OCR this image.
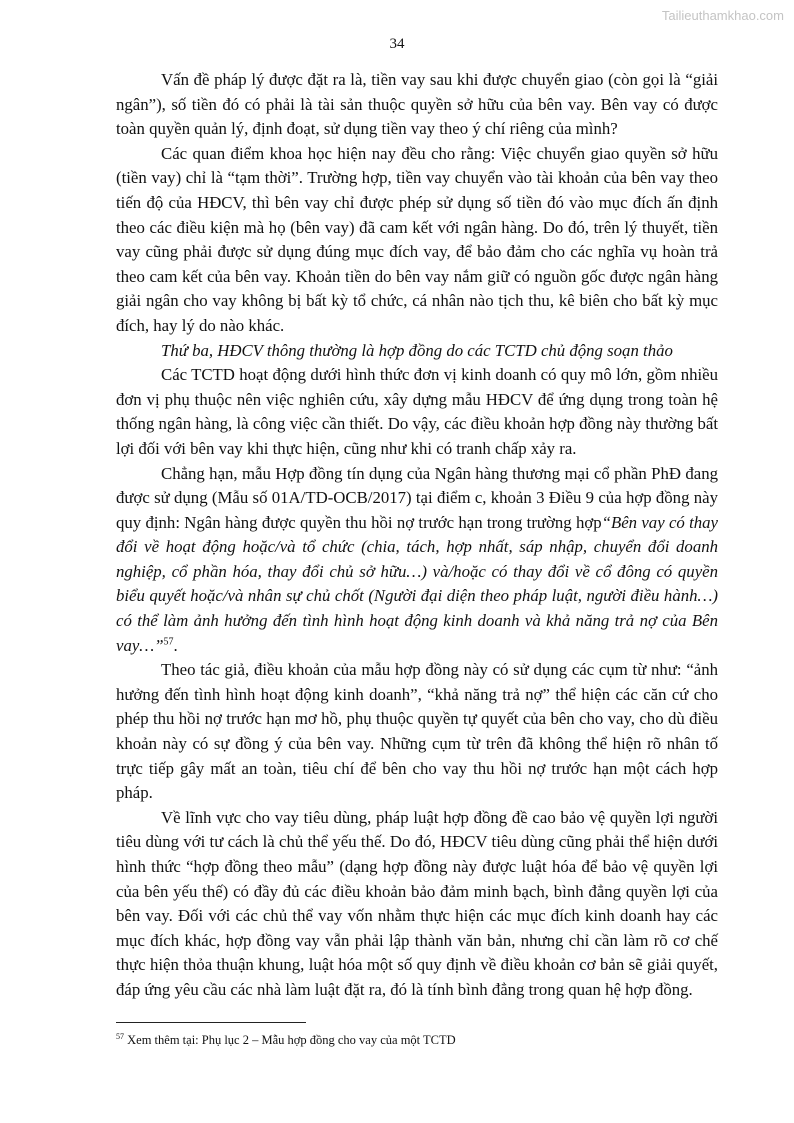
Tailieuthamkhao.com
34

Vấn đề pháp lý được đặt ra là, tiền vay sau khi được chuyển giao (còn gọi là “giải ngân”), số tiền đó có phải là tài sản thuộc quyền sở hữu của bên vay. Bên vay có được toàn quyền quản lý, định đoạt, sử dụng tiền vay theo ý chí riêng của mình?

Các quan điểm khoa học hiện nay đều cho rằng: Việc chuyển giao quyền sở hữu (tiền vay) chỉ là “tạm thời”. Trường hợp, tiền vay chuyển vào tài khoản của bên vay theo tiến độ của HĐCV, thì bên vay chỉ được phép sử dụng số tiền đó vào mục đích ấn định theo các điều kiện mà họ (bên vay) đã cam kết với ngân hàng. Do đó, trên lý thuyết, tiền vay cũng phải được sử dụng đúng mục đích vay, để bảo đảm cho các nghĩa vụ hoàn trả theo cam kết của bên vay. Khoản tiền do bên vay nắm giữ có nguồn gốc được ngân hàng giải ngân cho vay không bị bất kỳ tổ chức, cá nhân nào tịch thu, kê biên cho bất kỳ mục đích, hay lý do nào khác.

Thứ ba, HĐCV thông thường là hợp đồng do các TCTD chủ động soạn thảo

Các TCTD hoạt động dưới hình thức đơn vị kinh doanh có quy mô lớn, gồm nhiều đơn vị phụ thuộc nên việc nghiên cứu, xây dựng mẫu HĐCV để ứng dụng trong toàn hệ thống ngân hàng, là công việc cần thiết. Do vậy, các điều khoản hợp đồng này thường bất lợi đối với bên vay khi thực hiện, cũng như khi có tranh chấp xảy ra.

Chẳng hạn, mẫu Hợp đồng tín dụng của Ngân hàng thương mại cổ phần PhĐ đang được sử dụng (Mẫu số 01A/TD-OCB/2017) tại điểm c, khoản 3 Điều 9 của hợp đồng này quy định: Ngân hàng được quyền thu hồi nợ trước hạn trong trường hợp“Bên vay có thay đổi về hoạt động hoặc/và tổ chức (chia, tách, hợp nhất, sáp nhập, chuyển đổi doanh nghiệp, cổ phần hóa, thay đổi chủ sở hữu…) và/hoặc có thay đổi về cổ đông có quyền biểu quyết hoặc/và nhân sự chủ chốt (Người đại diện theo pháp luật, người điều hành…) có thể làm ảnh hưởng đến tình hình hoạt động kinh doanh và khả năng trả nợ của Bên vay…”$^{57}$.

Theo tác giả, điều khoản của mẫu hợp đồng này có sử dụng các cụm từ như: “ảnh hưởng đến tình hình hoạt động kinh doanh”, “khả năng trả nợ” thể hiện các căn cứ cho phép thu hồi nợ trước hạn mơ hồ, phụ thuộc quyền tự quyết của bên cho vay, cho dù điều khoản này có sự đồng ý của bên vay. Những cụm từ trên đã không thể hiện rõ nhân tố trực tiếp gây mất an toàn, tiêu chí để bên cho vay thu hồi nợ trước hạn một cách hợp pháp.

Về lĩnh vực cho vay tiêu dùng, pháp luật hợp đồng đề cao bảo vệ quyền lợi người tiêu dùng với tư cách là chủ thể yếu thế. Do đó, HĐCV tiêu dùng cũng phải thể hiện dưới hình thức “hợp đồng theo mẫu” (dạng hợp đồng này được luật hóa để bảo vệ quyền lợi của bên yếu thế) có đầy đủ các điều khoản bảo đảm minh bạch, bình đẳng quyền lợi của bên vay. Đối với các chủ thể vay vốn nhằm thực hiện các mục đích kinh doanh hay các mục đích khác, hợp đồng vay vẫn phải lập thành văn bản, nhưng chỉ cần làm rõ cơ chế thực hiện thỏa thuận khung, luật hóa một số quy định về điều khoản cơ bản sẽ giải quyết, đáp ứng yêu cầu các nhà làm luật đặt ra, đó là tính bình đẳng trong quan hệ hợp đồng.

$^{57}$ Xem thêm tại: Phụ lục 2 – Mẫu hợp đồng cho vay của một TCTD
